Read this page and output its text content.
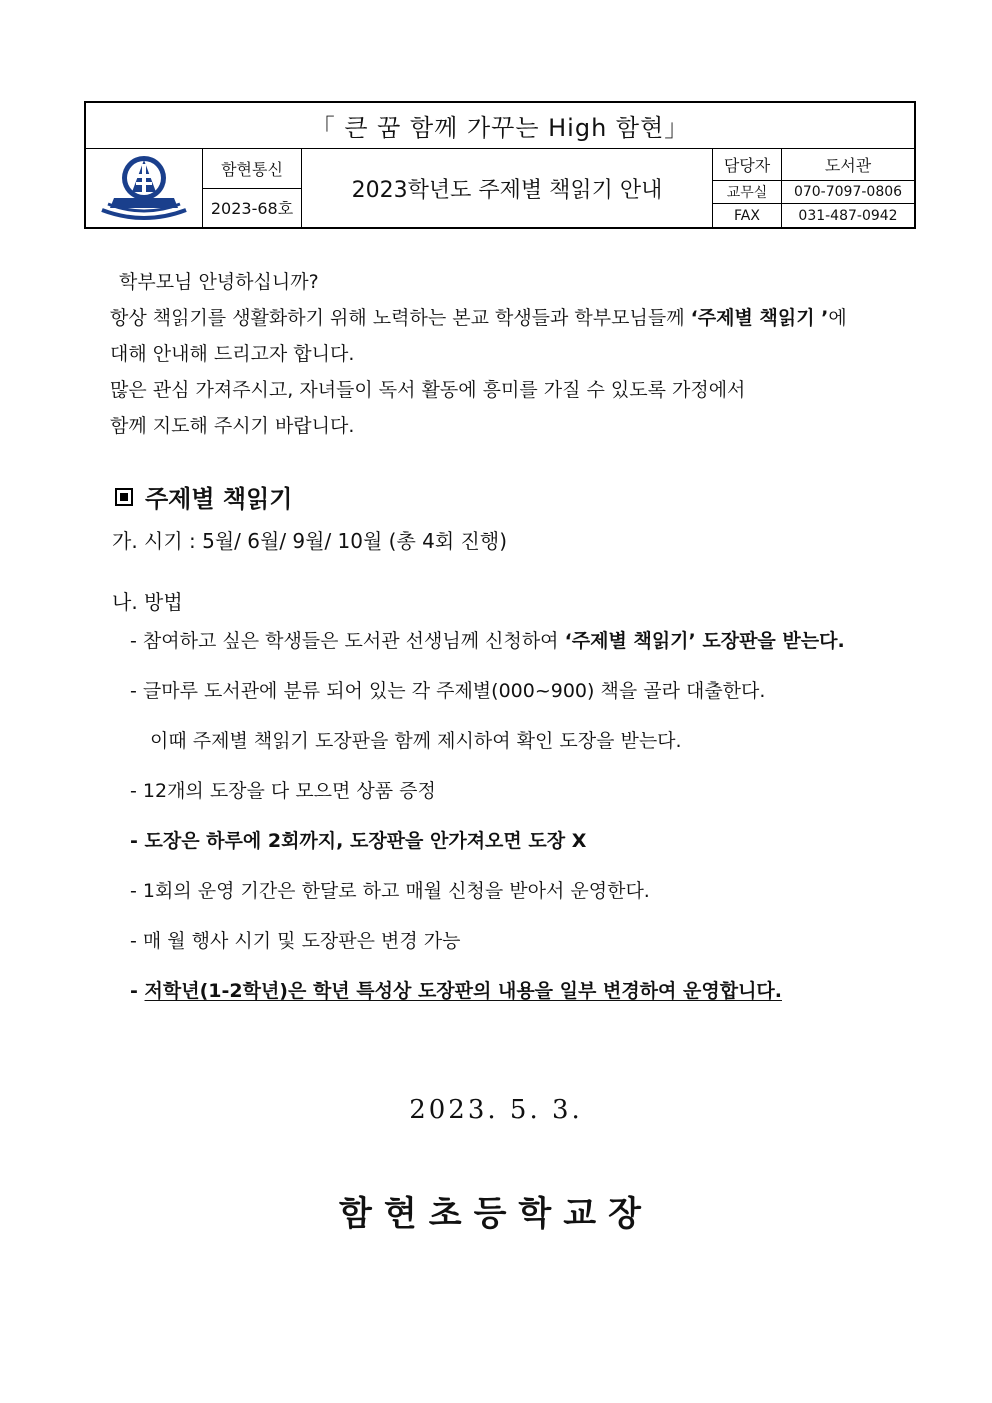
「 큰 꿈 함께 가꾸는 High 함현」
함현통신
2023-68호
2023학년도 주제별 책읽기 안내
담당자	도서관
교무실	070-7097-0806
FAX	031-487-0942
학부모님 안녕하십니까?
항상 책읽기를 생활화하기 위해 노력하는 본교 학생들과 학부모님들께 ‘주제별 책읽기 ’에
대해 안내해 드리고자 합니다.
많은 관심 가져주시고, 자녀들이 독서 활동에 흥미를 가질 수 있도록 가정에서
함께 지도해 주시기 바랍니다.
주제별 책읽기
가. 시기 : 5월/ 6월/ 9월/ 10월 (총 4회 진행)
나. 방법
- 참여하고 싶은 학생들은 도서관 선생님께 신청하여 ‘주제별 책읽기’ 도장판을 받는다.
- 글마루 도서관에 분류 되어 있는 각 주제별(000~900) 책을 골라 대출한다.
이때 주제별 책읽기 도장판을 함께 제시하여 확인 도장을 받는다.
- 12개의 도장을 다 모으면 상품 증정
- 도장은 하루에 2회까지, 도장판을 안가져오면 도장 X
- 1회의 운영 기간은 한달로 하고 매월 신청을 받아서 운영한다.
- 매 월 행사 시기 및 도장판은 변경 가능
- 저학년(1-2학년)은 학년 특성상 도장판의 내용을 일부 변경하여 운영합니다.
2023. 5. 3.
함현초등학교장
